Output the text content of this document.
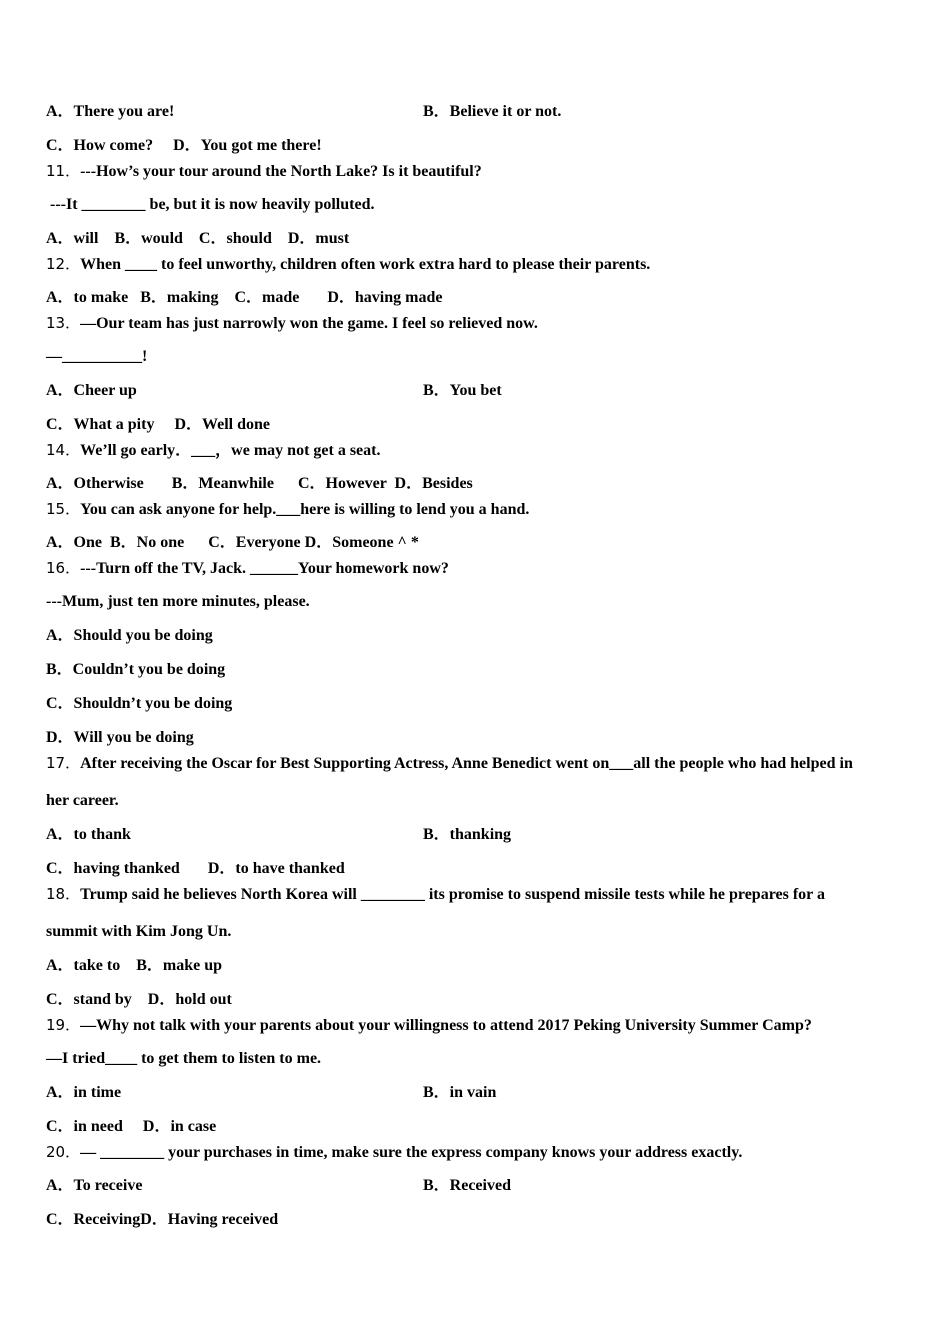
A．There you are!	B．Believe it or not.
C．How come?     D．You got me there!
11．---How’s your tour around the North Lake? Is it beautiful?
---It ________ be, but it is now heavily polluted.
A．will    B．would    C．should    D．must
12．When ____ to feel unworthy, children often work extra hard to please their parents.
A．to make   B．making    C．made       D．having made
13．—Our team has just narrowly won the game. I feel so relieved now.
—__________!
A．Cheer up	B．You bet
C．What a pity     D．Well done
14．We’ll go early．___，we may not get a seat.
A．Otherwise       B．Meanwhile      C．However  D．Besides
15．You can ask anyone for help.___here is willing to lend you a hand.
A．One  B．No one      C．Everyone D．Someone ^ *
16．---Turn off the TV, Jack. ______Your homework now?
---Mum, just ten more minutes, please.
A．Should you be doing
B．Couldn’t you be doing
C．Shouldn’t you be doing
D．Will you be doing
17．After receiving the Oscar for Best Supporting Actress, Anne Benedict went on___all the people who had helped in
her career.
A．to thank	B．thanking
C．having thanked       D．to have thanked
18．Trump said he believes North Korea will ________ its promise to suspend missile tests while he prepares for a
summit with Kim Jong Un.
A．take to    B．make up
C．stand by    D．hold out
19．—Why not talk with your parents about your willingness to attend 2017 Peking University Summer Camp?
—I tried____ to get them to listen to me.
A．in time	B．in vain
C．in need     D．in case
20．— ________ your purchases in time, make sure the express company knows your address exactly.
A．To receive	B．Received
C．ReceivingD．Having received
